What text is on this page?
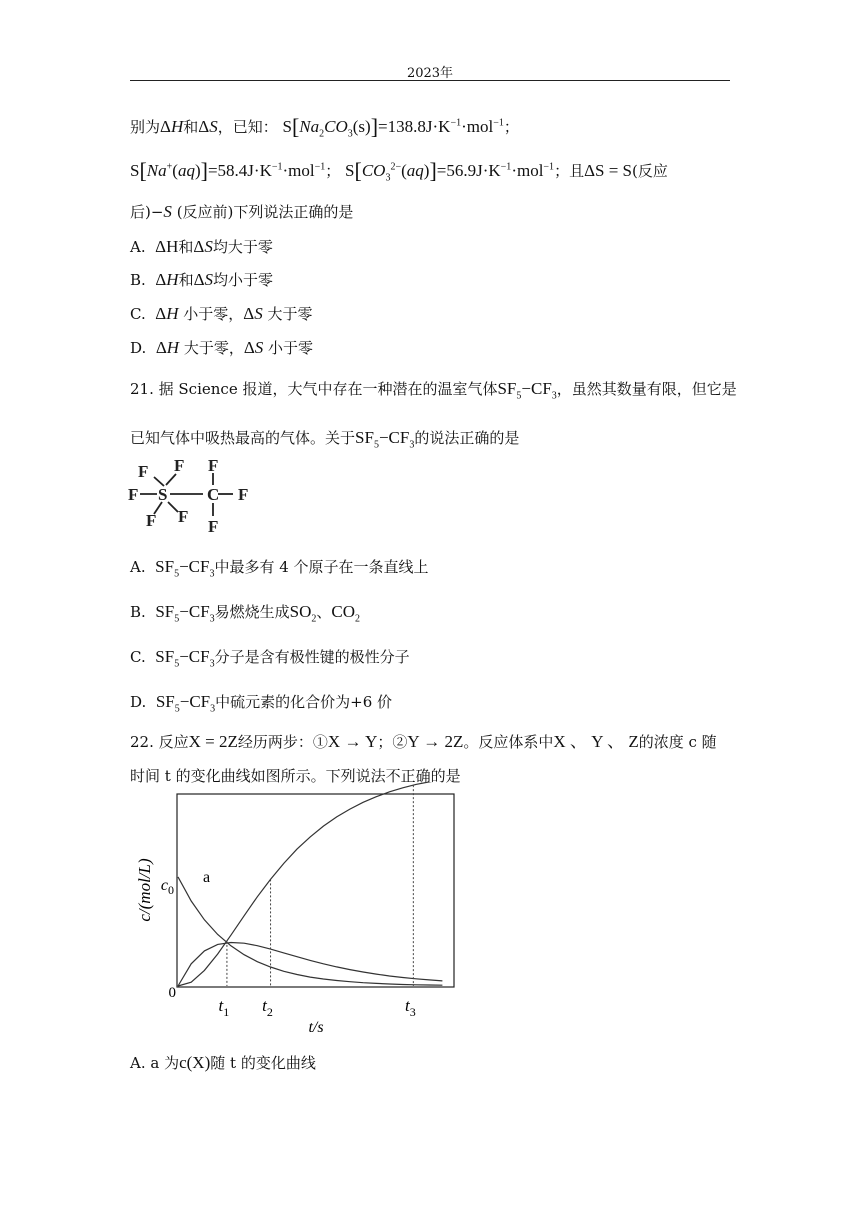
2023年
别为ΔH和ΔS，已知： $S[Na_2CO_3(s)]=138.8J\cdot K^{-1}\cdot mol^{-1}$；
$S[Na^+(aq)]=58.4J\cdot K^{-1}\cdot mol^{-1}$； $S[CO_3^{2-}(aq)]=56.9J\cdot K^{-1}\cdot mol^{-1}$；且ΔS = S(反应
后)−S (反应前)下列说法正确的是
A. ΔH和ΔS均大于零
B. ΔH和ΔS均小于零
C. ΔH 小于零，ΔS 大于零
D. ΔH 大于零，ΔS 小于零
21. 据 Science 报道，大气中存在一种潜在的温室气体$SF_5-CF_3$，虽然其数量有限，但它是
已知气体中吸热最高的气体。关于$SF_5-CF_3$的说法正确的是
F F
F S
F F
F
C F
F
A. $SF_5-CF_3$中最多有 4 个原子在一条直线上
B. $SF_5-CF_3$易燃烧生成$SO_2$、$CO_2$
C. $SF_5-CF_3$分子是含有极性键的极性分子
D. $SF_5-CF_3$中硫元素的化合价为+6 价
22. 反应X = 2Z经历两步：①X → Y；②Y → 2Z。反应体系中X 、 Y 、 Z的浓度 c 随
时间 t 的变化曲线如图所示。下列说法不正确的是
$t_1$ $t_2$	$t_3$
0
$c_0$
a
c/(mol/L)
t/s
A. a 为c(X)随 t 的变化曲线
